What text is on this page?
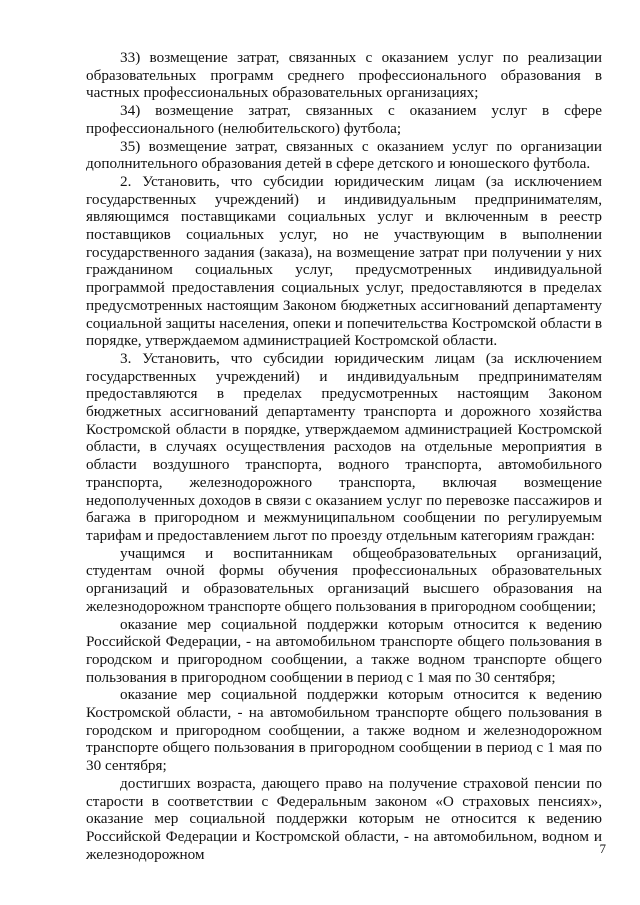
33) возмещение затрат, связанных с оказанием услуг по реализации образовательных программ среднего профессионального образования в частных профессиональных образовательных организациях;

34) возмещение затрат, связанных с оказанием услуг в сфере профессионального (нелюбительского) футбола;

35) возмещение затрат, связанных с оказанием услуг по организации дополнительного образования детей в сфере детского и юношеского футбола.

2. Установить, что субсидии юридическим лицам (за исключением государственных учреждений) и индивидуальным предпринимателям, являющимся поставщиками социальных услуг и включенным в реестр поставщиков социальных услуг, но не участвующим в выполнении государственного задания (заказа), на возмещение затрат при получении у них гражданином социальных услуг, предусмотренных индивидуальной программой предоставления социальных услуг, предоставляются в пределах предусмотренных настоящим Законом бюджетных ассигнований департаменту социальной защиты населения, опеки и попечительства Костромской области в порядке, утверждаемом администрацией Костромской области.

3. Установить, что субсидии юридическим лицам (за исключением государственных учреждений) и индивидуальным предпринимателям предоставляются в пределах предусмотренных настоящим Законом бюджетных ассигнований департаменту транспорта и дорожного хозяйства Костромской области в порядке, утверждаемом администрацией Костромской области, в случаях осуществления расходов на отдельные мероприятия в области воздушного транспорта, водного транспорта, автомобильного транспорта, железнодорожного транспорта, включая возмещение недополученных доходов в связи с оказанием услуг по перевозке пассажиров и багажа в пригородном и межмуниципальном сообщении по регулируемым тарифам и предоставлением льгот по проезду отдельным категориям граждан:

учащимся и воспитанникам общеобразовательных организаций, студентам очной формы обучения профессиональных образовательных организаций и образовательных организаций высшего образования на железнодорожном транспорте общего пользования в пригородном сообщении;

оказание мер социальной поддержки которым относится к ведению Российской Федерации, - на автомобильном транспорте общего пользования в городском и пригородном сообщении, а также водном транспорте общего пользования в пригородном сообщении в период с 1 мая по 30 сентября;

оказание мер социальной поддержки которым относится к ведению Костромской области, - на автомобильном транспорте общего пользования в городском и пригородном сообщении, а также водном и железнодорожном транспорте общего пользования в пригородном сообщении в период с 1 мая по 30 сентября;

достигших возраста, дающего право на получение страховой пенсии по старости в соответствии с Федеральным законом «О страховых пенсиях», оказание мер социальной поддержки которым не относится к ведению Российской Федерации и Костромской области, - на автомобильном, водном и железнодорожном	7
